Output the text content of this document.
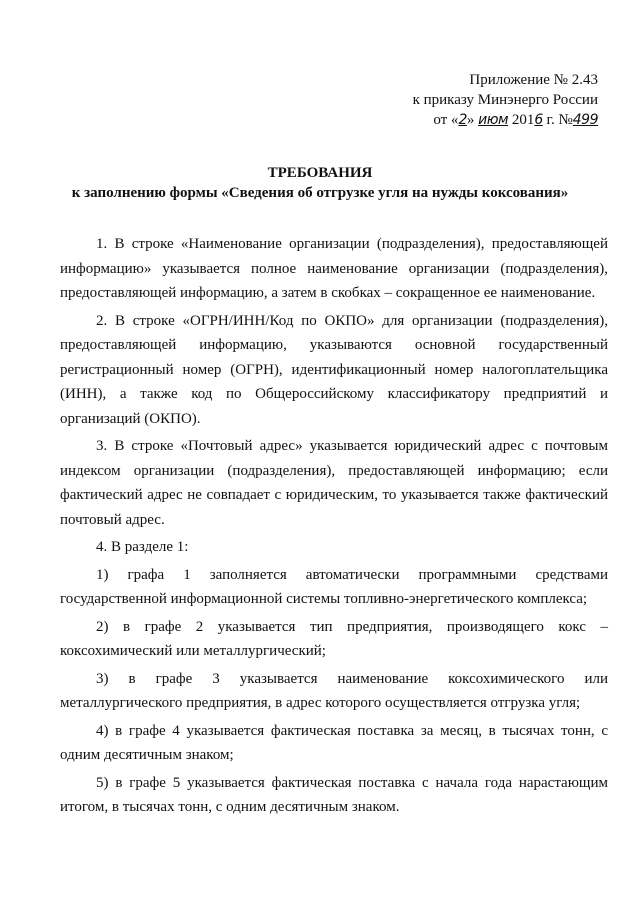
Приложение № 2.43
к приказу Минэнерго России
от «2» июм 2016 г. №499
ТРЕБОВАНИЯ
к заполнению формы «Сведения об отгрузке угля на нужды коксования»

1. В строке «Наименование организации (подразделения), предоставляющей информацию» указывается полное наименование организации (подразделения), предоставляющей информацию, а затем в скобках – сокращенное ее наименование.

2. В строке «ОГРН/ИНН/Код по ОКПО» для организации (подразделения), предоставляющей информацию, указываются основной государственный регистрационный номер (ОГРН), идентификационный номер налогоплательщика (ИНН), а также код по Общероссийскому классификатору предприятий и организаций (ОКПО).

3. В строке «Почтовый адрес» указывается юридический адрес с почтовым индексом организации (подразделения), предоставляющей информацию; если фактический адрес не совпадает с юридическим, то указывается также фактический почтовый адрес.

4. В разделе 1:

1) графа 1 заполняется автоматически программными средствами государственной информационной системы топливно-энергетического комплекса;

2) в графе 2 указывается тип предприятия, производящего кокс – коксохимический или металлургический;

3) в графе 3 указывается наименование коксохимического или металлургического предприятия, в адрес которого осуществляется отгрузка угля;

4) в графе 4 указывается фактическая поставка за месяц, в тысячах тонн, с одним десятичным знаком;

5) в графе 5 указывается фактическая поставка с начала года нарастающим итогом, в тысячах тонн, с одним десятичным знаком.
